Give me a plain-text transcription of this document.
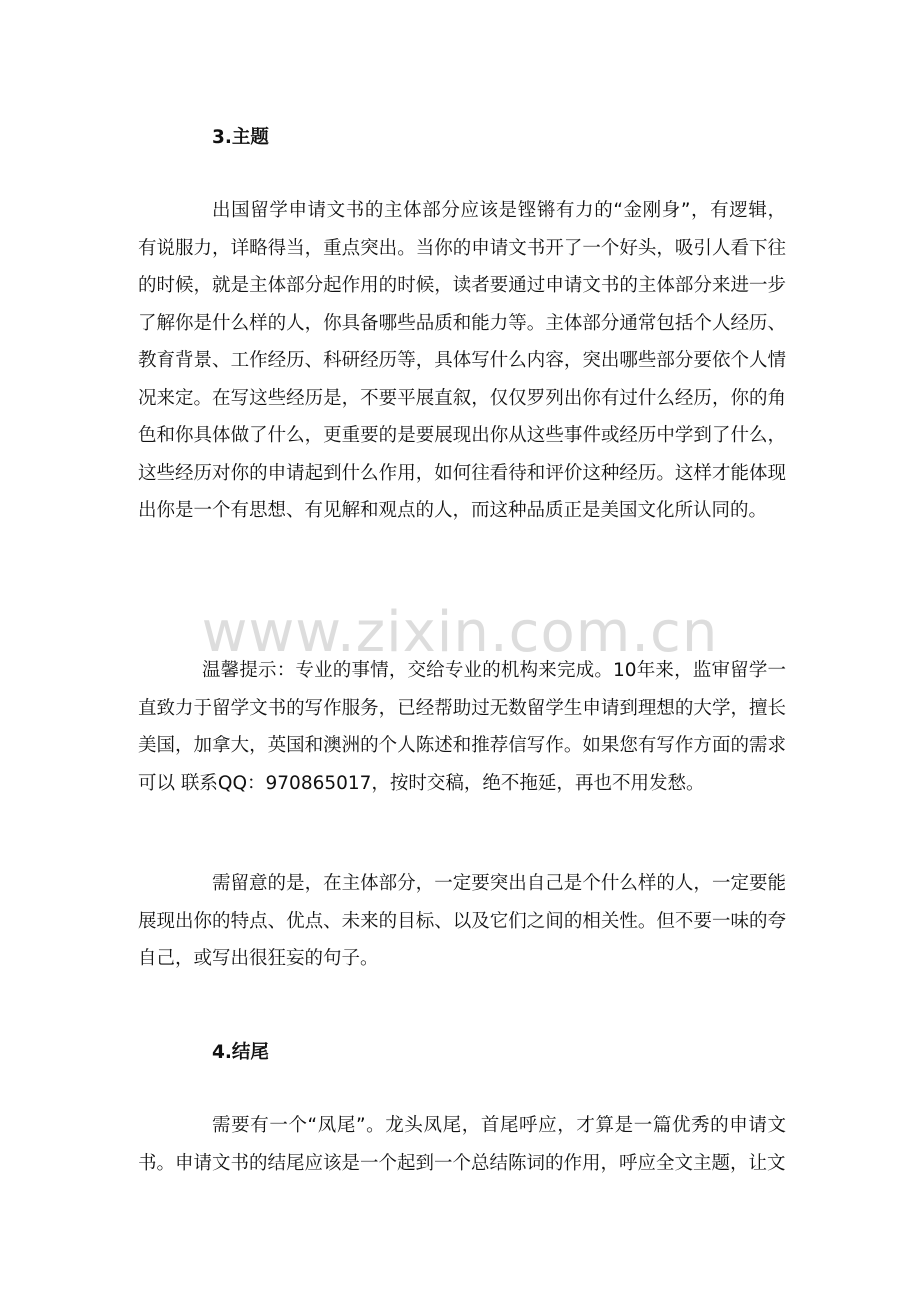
3.主题
出国留学申请文书的主体部分应该是铿锵有力的“金刚身”，有逻辑，有说服力，详略得当，重点突出。当你的申请文书开了一个好头，吸引人看下往的时候，就是主体部分起作用的时候，读者要通过申请文书的主体部分来进一步了解你是什么样的人，你具备哪些品质和能力等。主体部分通常包括个人经历、教育背景、工作经历、科研经历等，具体写什么内容，突出哪些部分要依个人情况来定。在写这些经历是，不要平展直叙，仅仅罗列出你有过什么经历，你的角色和你具体做了什么，更重要的是要展现出你从这些事件或经历中学到了什么，这些经历对你的申请起到什么作用，如何往看待和评价这种经历。这样才能体现出你是一个有思想、有见解和观点的人，而这种品质正是美国文化所认同的。
温馨提示：专业的事情，交给专业的机构来完成。10年来，监审留学一直致力于留学文书的写作服务，已经帮助过无数留学生申请到理想的大学，擅长美国，加拿大，英国和澳洲的个人陈述和推荐信写作。如果您有写作方面的需求可以 联系QQ：970865017，按时交稿，绝不拖延，再也不用发愁。
需留意的是，在主体部分，一定要突出自己是个什么样的人，一定要能展现出你的特点、优点、未来的目标、以及它们之间的相关性。但不要一味的夸自己，或写出很狂妄的句子。
4.结尾
需要有一个“凤尾”。龙头凤尾，首尾呼应，才算是一篇优秀的申请文书。申请文书的结尾应该是一个起到一个总结陈词的作用，呼应全文主题，让文
www.zixin.com.cn
